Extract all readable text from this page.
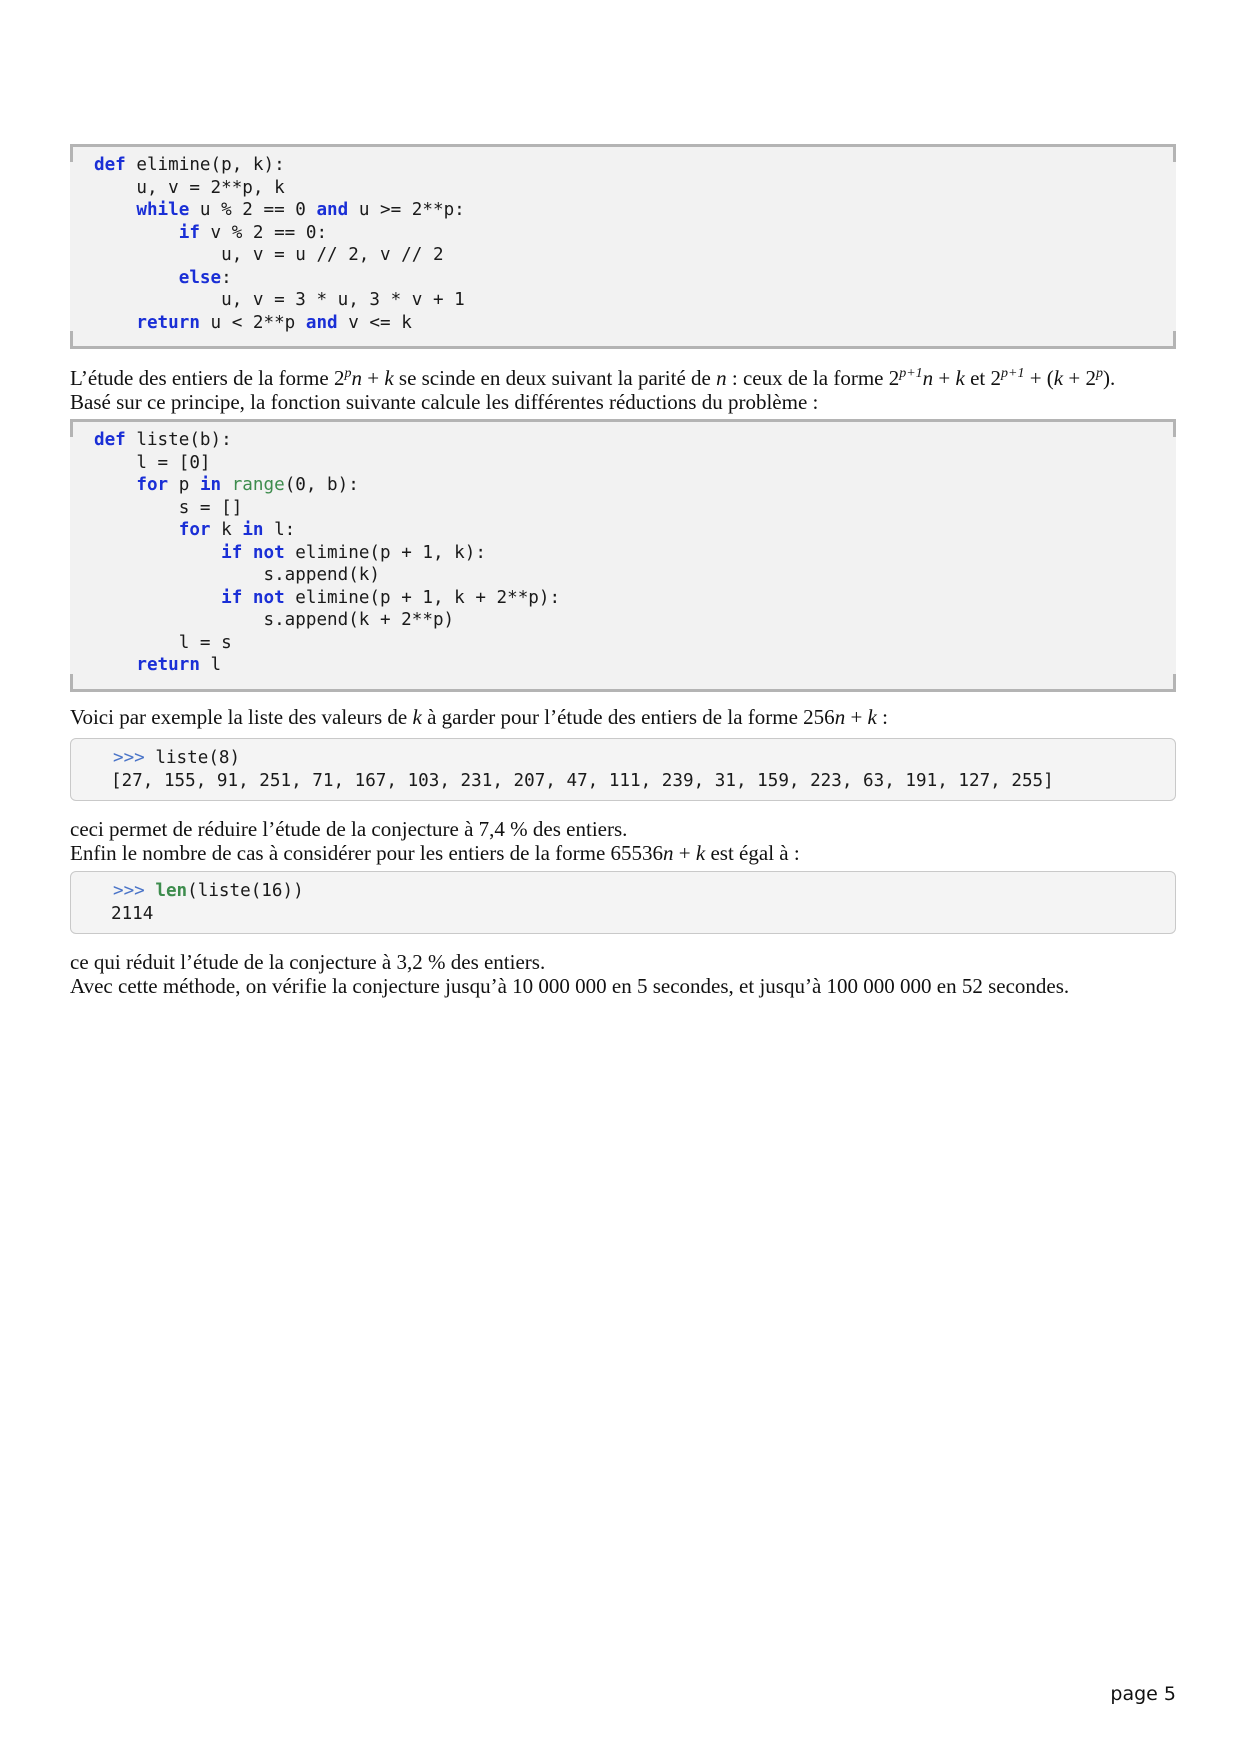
def elimine(p, k):
u, v = 2**p, k
while u % 2 == 0 and u >= 2**p:
if v % 2 == 0:
u, v = u // 2, v // 2
else:
u, v = 3 * u, 3 * v + 1
return u < 2**p and v <= k
L’étude des entiers de la forme $2^pn + k$ se scinde en deux suivant la parité de n : ceux de la forme $2^{p+1}n + k$ et $2^{p+1} + (k + 2^p)$.
Basé sur ce principe, la fonction suivante calcule les différentes réductions du problème :
def liste(b):
l = [0]
for p in range(0, b):
s = []
for k in l:
if not elimine(p + 1, k):
s.append(k)
if not elimine(p + 1, k + 2**p):
s.append(k + 2**p)
l = s
return l
Voici par exemple la liste des valeurs de k à garder pour l’étude des entiers de la forme 256n + k :
>>> liste(8)
[27, 155, 91, 251, 71, 167, 103, 231, 207, 47, 111, 239, 31, 159, 223, 63, 191, 127, 255]
ceci permet de réduire l’étude de la conjecture à 7,4 % des entiers.
Enfin le nombre de cas à considérer pour les entiers de la forme 65536n + k est égal à :
>>> len(liste(16))
2114
ce qui réduit l’étude de la conjecture à 3,2 % des entiers.
Avec cette méthode, on vérifie la conjecture jusqu’à 10 000 000 en 5 secondes, et jusqu’à 100 000 000 en 52 secondes.
page 5
